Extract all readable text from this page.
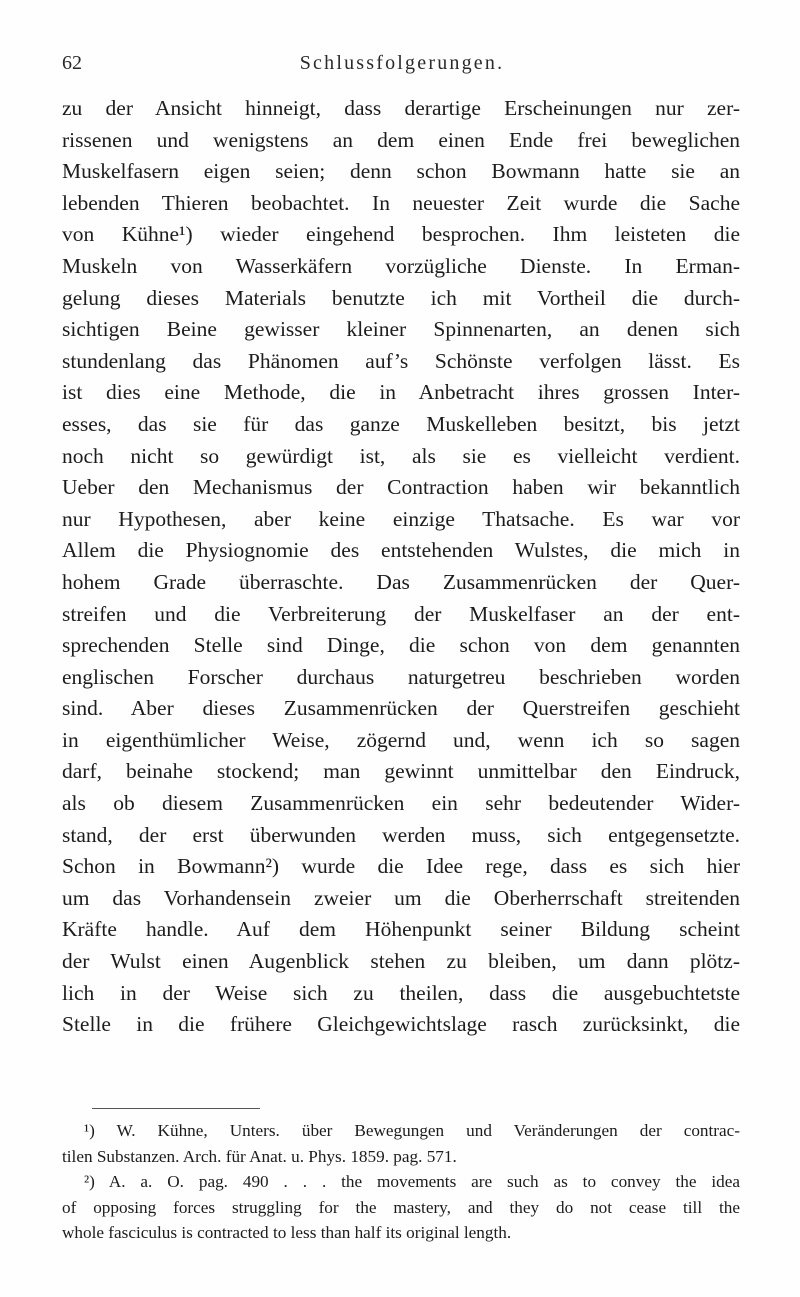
62	Schlussfolgerungen.
zu der Ansicht hinneigt, dass derartige Erscheinungen nur zer-
rissenen und wenigstens an dem einen Ende frei beweglichen
Muskelfasern eigen seien; denn schon Bowmann hatte sie an
lebenden Thieren beobachtet. In neuester Zeit wurde die Sache
von Kühne¹) wieder eingehend besprochen. Ihm leisteten die
Muskeln von Wasserkäfern vorzügliche Dienste. In Erman-
gelung dieses Materials benutzte ich mit Vortheil die durch-
sichtigen Beine gewisser kleiner Spinnenarten, an denen sich
stundenlang das Phänomen auf’s Schönste verfolgen lässt. Es
ist dies eine Methode, die in Anbetracht ihres grossen Inter-
esses, das sie für das ganze Muskelleben besitzt, bis jetzt
noch nicht so gewürdigt ist, als sie es vielleicht verdient.
Ueber den Mechanismus der Contraction haben wir bekanntlich
nur Hypothesen, aber keine einzige Thatsache. Es war vor
Allem die Physiognomie des entstehenden Wulstes, die mich in
hohem Grade überraschte. Das Zusammenrücken der Quer-
streifen und die Verbreiterung der Muskelfaser an der ent-
sprechenden Stelle sind Dinge, die schon von dem genannten
englischen Forscher durchaus naturgetreu beschrieben worden
sind. Aber dieses Zusammenrücken der Querstreifen geschieht
in eigenthümlicher Weise, zögernd und, wenn ich so sagen
darf, beinahe stockend; man gewinnt unmittelbar den Eindruck,
als ob diesem Zusammenrücken ein sehr bedeutender Wider-
stand, der erst überwunden werden muss, sich entgegensetzte.
Schon in Bowmann²) wurde die Idee rege, dass es sich hier
um das Vorhandensein zweier um die Oberherrschaft streitenden
Kräfte handle. Auf dem Höhenpunkt seiner Bildung scheint
der Wulst einen Augenblick stehen zu bleiben, um dann plötz-
lich in der Weise sich zu theilen, dass die ausgebuchtetste
Stelle in die frühere Gleichgewichtslage rasch zurücksinkt, die
¹) W. Kühne, Unters. über Bewegungen und Veränderungen der contrac-
tilen Substanzen. Arch. für Anat. u. Phys. 1859. pag. 571.
²) A. a. O. pag. 490 . . . the movements are such as to convey the idea
of opposing forces struggling for the mastery, and they do not cease till the
whole fasciculus is contracted to less than half its original length.
